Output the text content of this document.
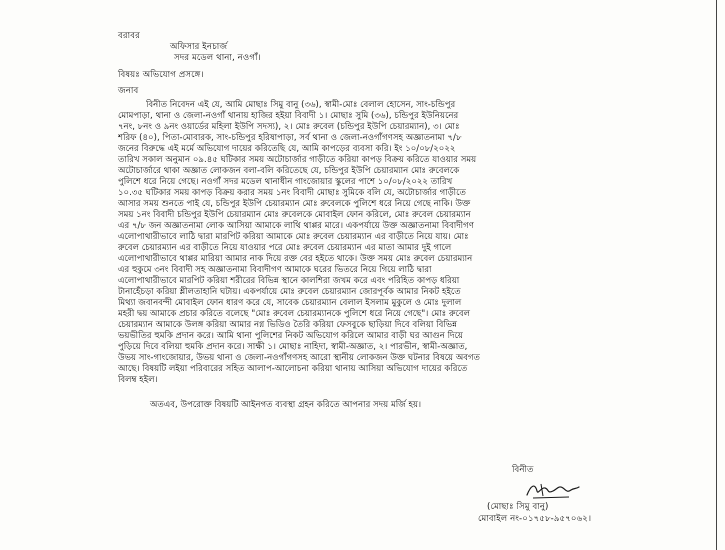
বরাবর
অফিসার ইনচার্জ
সদর মডেল থানা, নওগাঁ।
বিষয়ঃ অভিযোগ প্রসঙ্গে।
জনাব
বিনীত নিবেদন এই যে, আমি মোছাঃ সিমু বানু (৩৬), স্বামী-মোঃ বেলাল হোসেন, সাং-চন্ডিপুর
মোমপাড়া, থানা ও জেলা-নওগাঁ থানায় হাজির হইয়া বিবাদী ১। মোছাঃ সুমি (৩৬), চন্ডিপুর ইউনিয়নের
৭নং, ৮নং ও ৯নং ওয়ার্ডের মহিলা ইউপি সদস্য), ২। মোঃ রুবেল (চন্ডিপুর ইউপি চেয়ারম্যান), ৩। মোঃ
শরিফ (৪০), পিতা-মোবারক, সাং-চন্ডিপুর হরিষাপাড়া, সর্ব থানা ও জেলা-নওগাঁগণসহ অজ্ঞাতনামা ৭/৮
জনের বিরুদ্ধে এই মর্মে অভিযোগ দায়ের করিতেছি যে, আমি কাপড়ের ব্যবসা করি। ইং ১০/০৮/২০২২
তারিখ সকাল অনুমান ০৯.৪৫ ঘটিকার সময় অটোচার্জার গাড়ীতে করিয়া কাপড় বিক্রয় করিতে যাওয়ার সময়
অটোচার্জারে থাকা অজ্ঞাত লোকজন বলা-বলি করিতেছে যে, চন্ডিপুর ইউপি চেয়ারম্যান মোঃ রুবেলকে
পুলিশে ধরে নিয়ে গেছে। নওগাঁ সদর মডেল থানাধীন গাংজোয়ার স্কুলের পাশে ১০/০৮/২০২২ তারিখ
১০.৩৫ ঘটিকার সময় কাপড় বিক্রয় করার সময় ১নং বিবাদী মোছাঃ সুমিকে বলি যে, অটোচার্জার গাড়ীতে
আসার সময় শুনতে পাই যে, চন্ডিপুর ইউপি চেয়ারম্যান মোঃ রুবেলকে পুলিশে ধরে নিয়ে গেছে নাকি। উক্ত
সময় ১নং বিবাদী চন্ডিপুর ইউপি চেয়ারম্যান মোঃ রুবেলকে মোবাইল ফোন করিলে, মোঃ রুবেল চেয়ারম্যান
এর ৭/৮ জন অজ্ঞাতনামা লোক আসিয়া আমাকে লাথি থাপ্পর মারে। একপর্যায়ে উক্ত অজ্ঞাতনামা বিবাদীগণ
এলোপাথারীভাবে লাঠি দ্বারা মারপিট করিয়া আমাকে মোঃ রুবেল চেয়ারম্যান এর বাড়ীতে নিয়ে যায়। মোঃ
রুবেল চেয়ারম্যান এর বাড়ীতে নিয়ে যাওয়ার পরে মোঃ রুবেল চেয়ারম্যান এর মাতা আমার দুই গালে
এলোপাথারীভাবে থাপ্পর মারিয়া আমার নাক দিয়ে রক্ত বের হইতে থাকে। উক্ত সময় মোঃ রুবেল চেয়ারম্যান
এর হুকুমে ৩নং বিবাদী সহ অজ্ঞাতনামা বিবাদীগণ আমাকে ঘরের ভিতরে নিয়ে গিয়ে লাঠি দ্বারা
এলোপাথারীভাবে মারপিট করিয়া শরীরের বিভিন্ন স্থানে কালশিরা জখম করে এবং পরিহিত কাপড় ধরিয়া
টানাহেঁচড়া করিয়া শ্লীলতাহানি ঘটায়। একপর্যায়ে মোঃ রুবেল চেয়ারম্যান জোরপূর্বক আমার নিকট হইতে
মিথ্যা জবানবন্দী মোবাইল ফোন ধারণ করে যে, সাবেক চেয়ারম্যান বেলাল ইসলাম মুকুলে ও মোঃ দুলাল
মহরী দ্বয় আমাকে প্রচার করিতে বলেছে "মোঃ রুবেল চেয়ারম্যানকে পুলিশে ধরে নিয়ে গেছে"। মোঃ রুবেল
চেয়ারম্যান আমাকে উলঙ্গ করিয়া আমার নগ্ন ভিডিও তৈরি করিয়া ফেসবুকে ছাড়িয়া দিবে বলিয়া বিভিন্ন
ভয়ভীতির হুমকি প্রদান করে। আমি থানা পুলিশের নিকট অভিযোগ করিলে আমার বাড়ী ঘর আগুন দিয়ে
পুড়িয়ে দিবে বলিয়া হুমকি প্রদান করে। সাক্ষী ১। মোছাঃ নাহিদা, স্বামী-অজ্ঞাত, ২। পারভীন, স্বামী-অজ্ঞাত,
উভয় সাং-গাংজোয়ার, উভয় থানা ও জেলা-নওগাঁগণসহ আরো স্থানীয় লোকজন উক্ত ঘটনার বিষয়ে অবগত
আছে। বিষয়টি লইয়া পরিবারের সহিত আলাপ-আলোচনা করিয়া থানায় আসিয়া অভিযোগ দায়ের করিতে
বিলম্ব হইল।
অতএব, উপরোক্ত বিষয়টি আইনগত ব্যবস্থা গ্রহন করিতে আপনার সদয় মর্জি হয়।
বিনীত
(মোছাঃ সিমু বানু)
মোবাইল নং-০১৭৫৮-৯৫৭০৬২।
